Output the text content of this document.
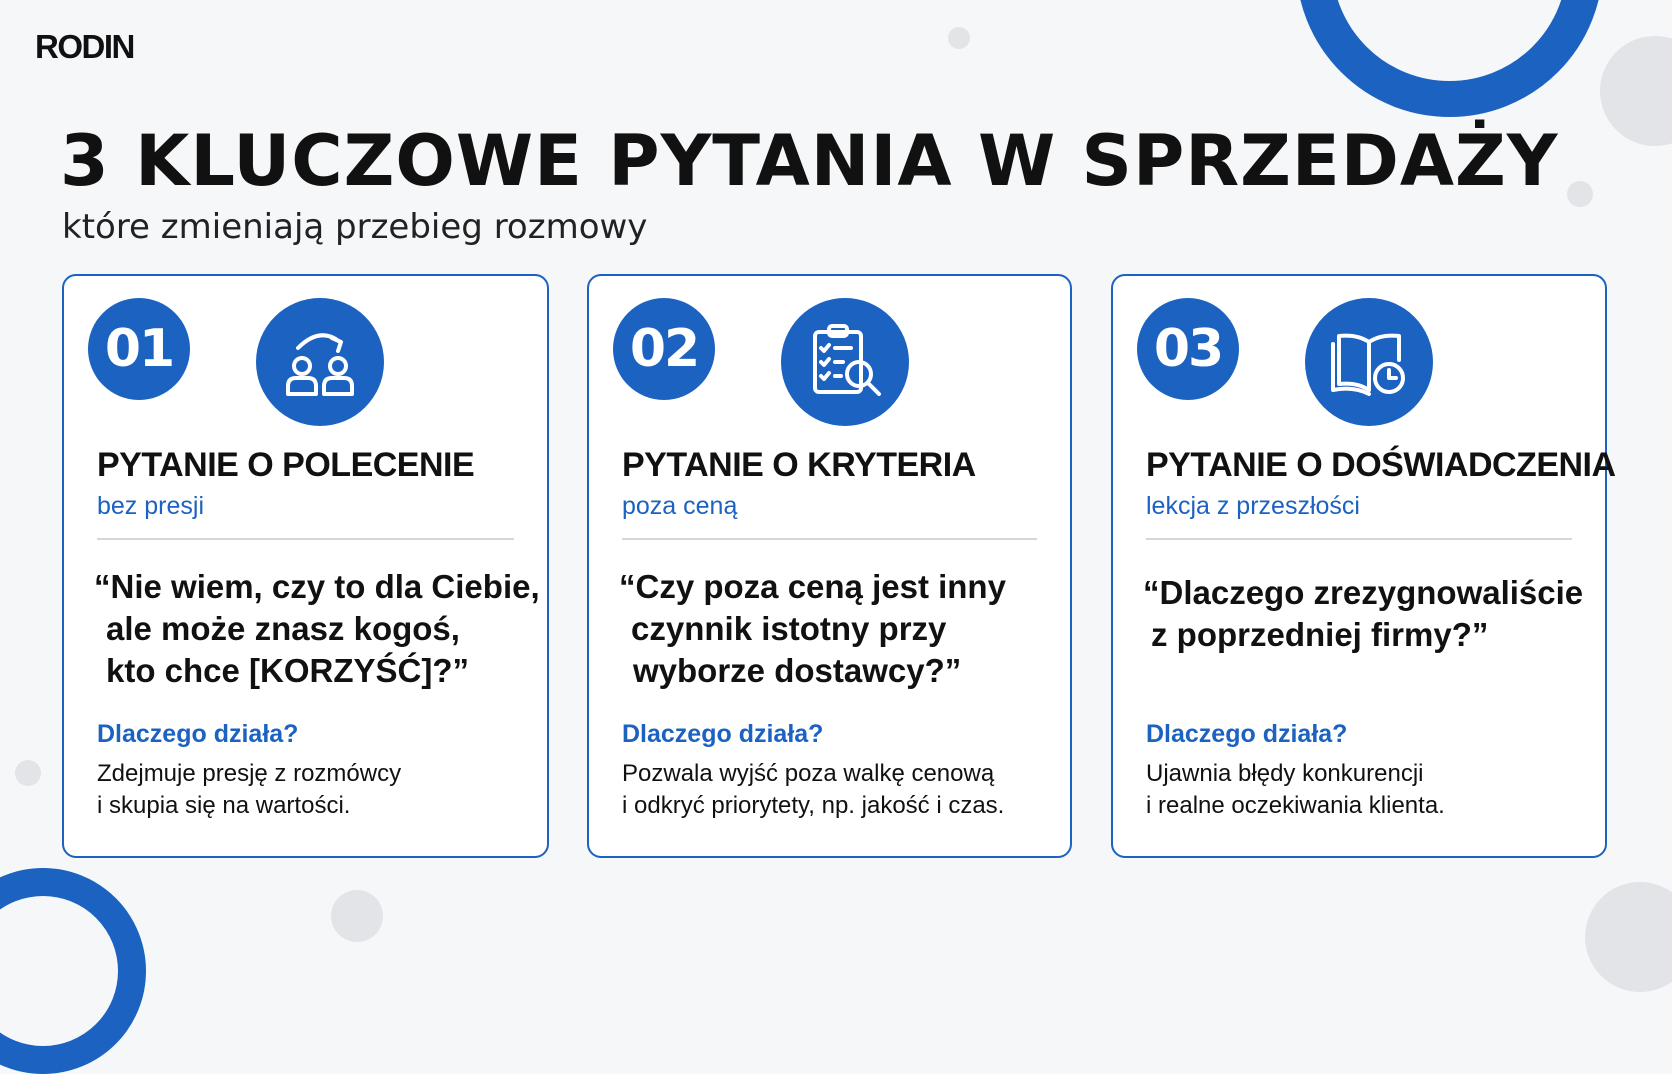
RODIN
3 KLUCZOWE PYTANIA W SPRZEDAŻY
które zmieniają przebieg rozmowy
01
PYTANIE O POLECENIE
bez presji

“Nie wiem, czy to dla Ciebie,
ale może znasz kogoś,
kto chce [KORZYŚĆ]?”

Dlaczego działa?
Zdejmuje presję z rozmówcy
i skupia się na wartości.
02
PYTANIE O KRYTERIA
poza ceną

“Czy poza ceną jest inny
czynnik istotny przy
wyborze dostawcy?”

Dlaczego działa?
Pozwala wyjść poza walkę cenową
i odkryć priorytety, np. jakość i czas.
03
PYTANIE O DOŚWIADCZENIA
lekcja z przeszłości

“Dlaczego zrezygnowaliście
z poprzedniej firmy?”

Dlaczego działa?
Ujawnia błędy konkurencji
i realne oczekiwania klienta.
